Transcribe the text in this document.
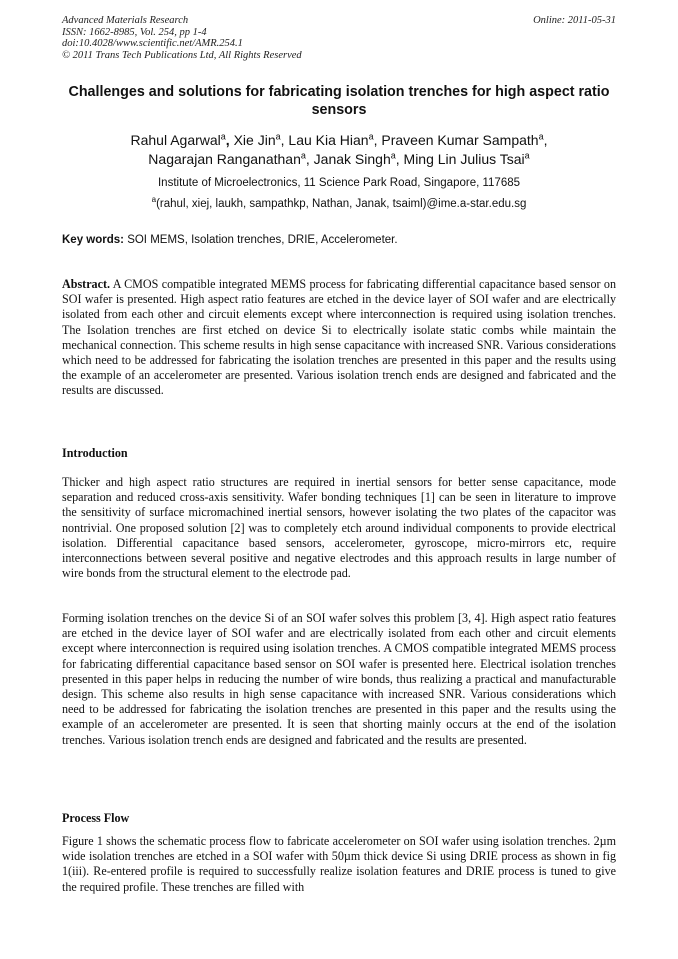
Advanced Materials Research
ISSN: 1662-8985, Vol. 254, pp 1-4
doi:10.4028/www.scientific.net/AMR.254.1
© 2011 Trans Tech Publications Ltd, All Rights Reserved
Online: 2011-05-31
Challenges and solutions for fabricating isolation trenches for high aspect ratio sensors
Rahul Agarwal$^a$, Xie Jin$^a$, Lau Kia Hian$^a$, Praveen Kumar Sampath$^a$,
Nagarajan Ranganathan$^a$, Janak Singh$^a$, Ming Lin Julius Tsai$^a$
Institute of Microelectronics, 11 Science Park Road, Singapore, 117685
$^a$(rahul, xiej, laukh, sampathkp, Nathan, Janak, tsaiml)@ime.a-star.edu.sg
Key words: SOI MEMS, Isolation trenches, DRIE, Accelerometer.

Abstract. A CMOS compatible integrated MEMS process for fabricating differential capacitance based sensor on SOI wafer is presented. High aspect ratio features are etched in the device layer of SOI wafer and are electrically isolated from each other and circuit elements except where interconnection is required using isolation trenches. The Isolation trenches are first etched on device Si to electrically isolate static combs while maintain the mechanical connection. This scheme results in high sense capacitance with increased SNR. Various considerations which need to be addressed for fabricating the isolation trenches are presented in this paper and the results using the example of an accelerometer are presented. Various isolation trench ends are designed and fabricated and the results are discussed.

Introduction

Thicker and high aspect ratio structures are required in inertial sensors for better sense capacitance, mode separation and reduced cross-axis sensitivity. Wafer bonding techniques [1] can be seen in literature to improve the sensitivity of surface micromachined inertial sensors, however isolating the two plates of the capacitor was nontrivial. One proposed solution [2] was to completely etch around individual components to provide electrical isolation. Differential capacitance based sensors, accelerometer, gyroscope, micro-mirrors etc, require interconnections between several positive and negative electrodes and this approach results in large number of wire bonds from the structural element to the electrode pad.

Forming isolation trenches on the device Si of an SOI wafer solves this problem [3, 4]. High aspect ratio features are etched in the device layer of SOI wafer and are electrically isolated from each other and circuit elements except where interconnection is required using isolation trenches. A CMOS compatible integrated MEMS process for fabricating differential capacitance based sensor on SOI wafer is presented here. Electrical isolation trenches presented in this paper helps in reducing the number of wire bonds, thus realizing a practical and manufacturable design. This scheme also results in high sense capacitance with increased SNR. Various considerations which need to be addressed for fabricating the isolation trenches are presented in this paper and the results using the example of an accelerometer are presented. It is seen that shorting mainly occurs at the end of the isolation trenches. Various isolation trench ends are designed and fabricated and the results are presented.

Process Flow

Figure 1 shows the schematic process flow to fabricate accelerometer on SOI wafer using isolation trenches. 2µm wide isolation trenches are etched in a SOI wafer with 50µm thick device Si using DRIE process as shown in fig 1(iii). Re-entered profile is required to successfully realize isolation features and DRIE process is tuned to give the required profile. These trenches are filled with
